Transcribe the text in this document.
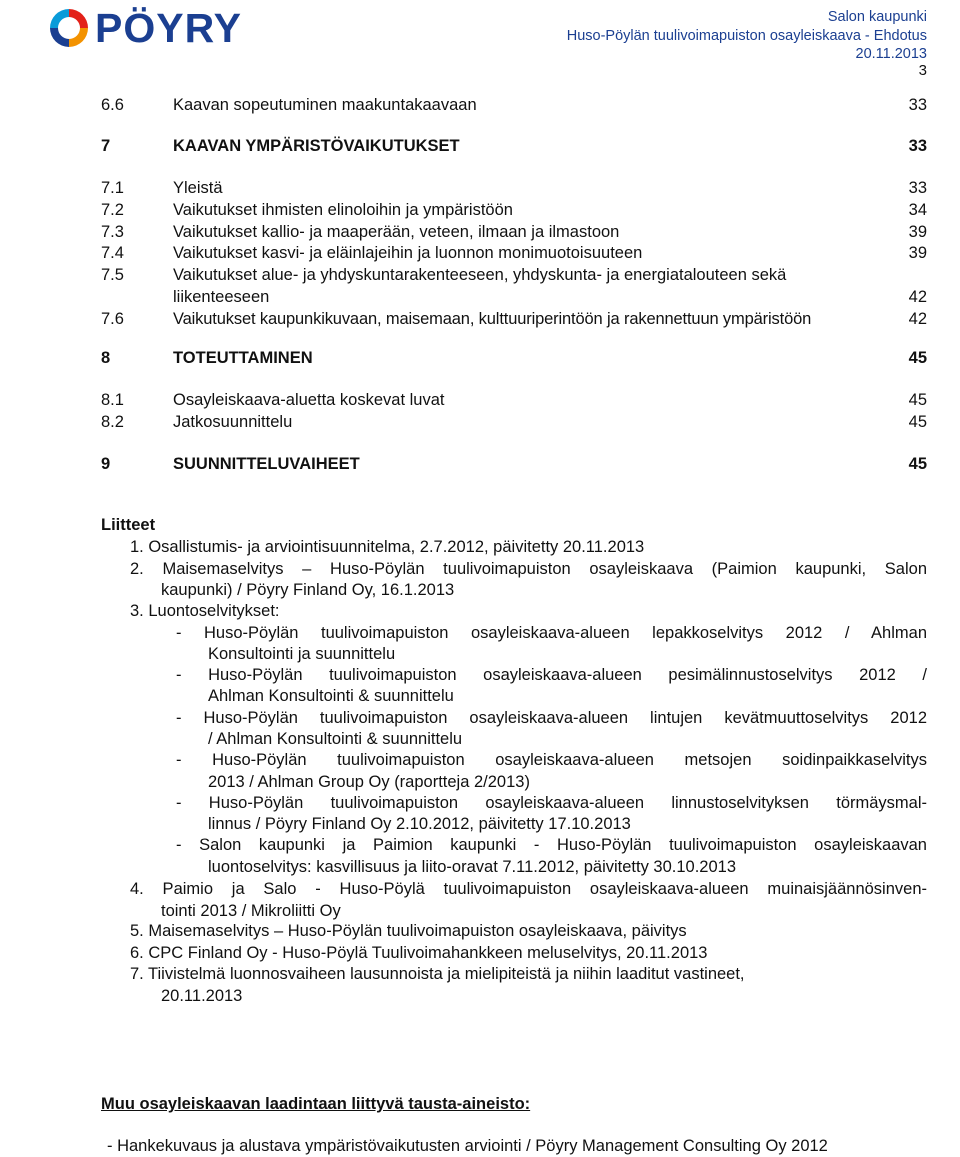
PÖYRY	Salon kaupunki
Huso-Pöylän tuulivoimapuiston osayleiskaava - Ehdotus
20.11.2013
3
6.6	Kaavan sopeutuminen maakuntakaavaan	33
7	KAAVAN YMPÄRISTÖVAIKUTUKSET	33
7.1	Yleistä	33
7.2	Vaikutukset ihmisten elinoloihin ja ympäristöön	34
7.3	Vaikutukset kallio- ja maaperään, veteen, ilmaan ja ilmastoon	39
7.4	Vaikutukset kasvi- ja eläinlajeihin ja luonnon monimuotoisuuteen	39
7.5	Vaikutukset alue- ja yhdyskuntarakenteeseen, yhdyskunta- ja energiatalouteen sekä
liikenteeseen	42
7.6	Vaikutukset kaupunkikuvaan, maisemaan, kulttuuriperintöön ja rakennettuun ympäristöön	42
8	TOTEUTTAMINEN	45
8.1	Osayleiskaava-aluetta koskevat luvat	45
8.2	Jatkosuunnittelu	45
9	SUUNNITTELUVAIHEET	45
Liitteet
1. Osallistumis- ja arviointisuunnitelma, 2.7.2012, päivitetty 20.11.2013
2. Maisemaselvitys – Huso-Pöylän tuulivoimapuiston osayleiskaava (Paimion kaupunki, Salon
kaupunki) / Pöyry Finland Oy, 16.1.2013
3. Luontoselvitykset:
- Huso-Pöylän tuulivoimapuiston osayleiskaava-alueen lepakkoselvitys 2012 / Ahlman
Konsultointi ja suunnittelu
- Huso-Pöylän tuulivoimapuiston osayleiskaava-alueen pesimälinnustoselvitys 2012 /
Ahlman Konsultointi & suunnittelu
- Huso-Pöylän tuulivoimapuiston osayleiskaava-alueen lintujen kevätmuuttoselvitys 2012
/ Ahlman Konsultointi & suunnittelu
- Huso-Pöylän tuulivoimapuiston osayleiskaava-alueen metsojen soidinpaikkaselvitys
2013 / Ahlman Group Oy (raportteja 2/2013)
- Huso-Pöylän tuulivoimapuiston osayleiskaava-alueen linnustoselvityksen törmäysmal-
linnus / Pöyry Finland Oy 2.10.2012, päivitetty 17.10.2013
- Salon kaupunki ja Paimion kaupunki - Huso-Pöylän tuulivoimapuiston osayleiskaavan
luontoselvitys: kasvillisuus ja liito-oravat 7.11.2012, päivitetty 30.10.2013
4. Paimio ja Salo - Huso-Pöylä tuulivoimapuiston osayleiskaava-alueen muinaisjäännösinven-
tointi 2013 / Mikroliitti Oy
5. Maisemaselvitys – Huso-Pöylän tuulivoimapuiston osayleiskaava, päivitys
6. CPC Finland Oy - Huso-Pöylä Tuulivoimahankkeen meluselvitys, 20.11.2013
7. Tiivistelmä luonnosvaiheen lausunnoista ja mielipiteistä ja niihin laaditut vastineet,
20.11.2013
Muu osayleiskaavan laadintaan liittyvä tausta-aineisto:
- Hankekuvaus ja alustava ympäristövaikutusten arviointi / Pöyry Management Consulting Oy 2012
